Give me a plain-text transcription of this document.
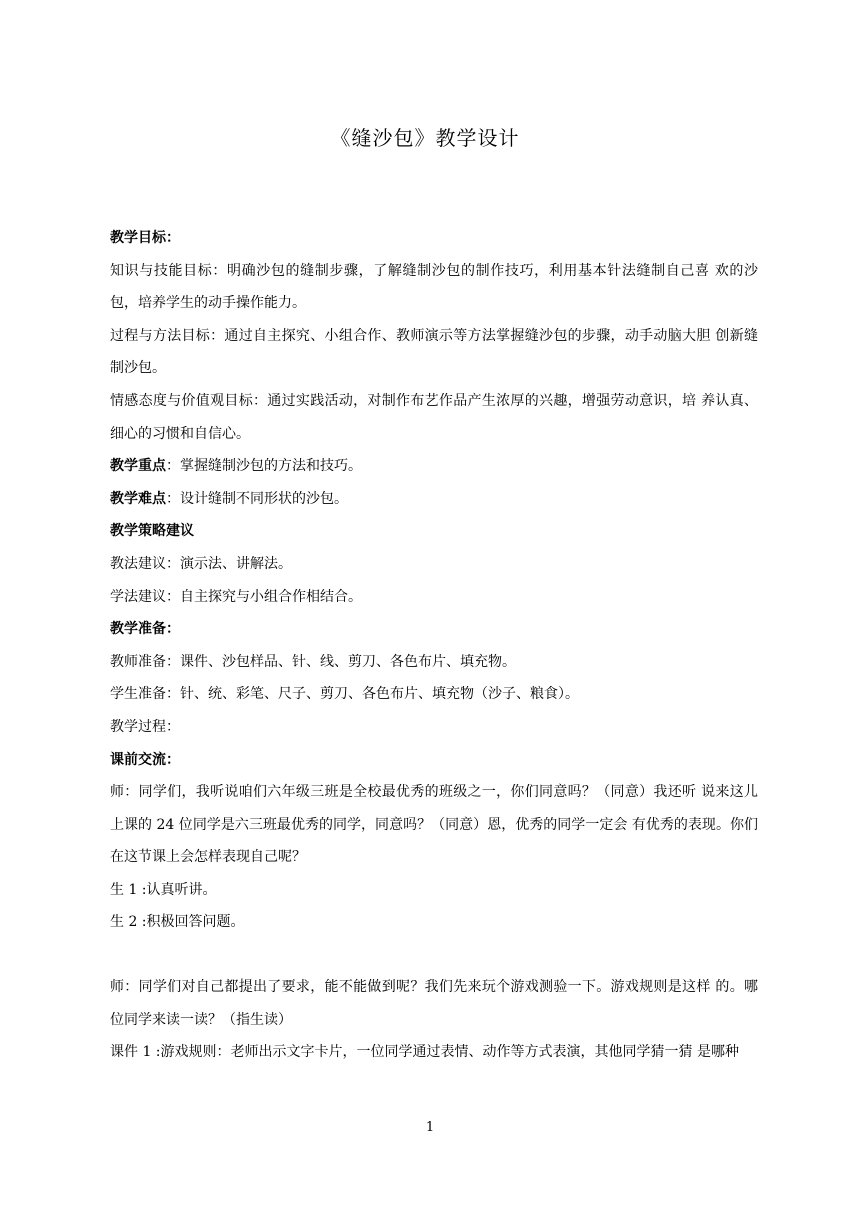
《缝沙包》教学设计

教学目标：

知识与技能目标：明确沙包的缝制步骤，了解缝制沙包的制作技巧，利用基本针法缝制自己喜 欢的沙包，培养学生的动手操作能力。

过程与方法目标：通过自主探究、小组合作、教师演示等方法掌握缝沙包的步骤，动手动脑大胆 创新缝制沙包。

情感态度与价值观目标：通过实践活动，对制作布艺作品产生浓厚的兴趣，增强劳动意识，培 养认真、细心的习惯和自信心。

教学重点：掌握缝制沙包的方法和技巧。

教学难点：设计缝制不同形状的沙包。

教学策略建议

教法建议：演示法、讲解法。

学法建议：自主探究与小组合作相结合。

教学准备：

教师准备：课件、沙包样品、针、线、剪刀、各色布片、填充物。

学生准备：针、统、彩笔、尺子、剪刀、各色布片、填充物（沙子、粮食）。

教学过程：

课前交流：

师：同学们，我听说咱们六年级三班是全校最优秀的班级之一，你们同意吗？（同意）我还听 说来这儿上课的 24 位同学是六三班最优秀的同学，同意吗？（同意）恩，优秀的同学一定会 有优秀的表现。你们在这节课上会怎样表现自己呢？

生 1 :认真听讲。

生 2 :积极回答问题。

师：同学们对自己都提出了要求，能不能做到呢？我们先来玩个游戏测验一下。游戏规则是这样 的。哪位同学来读一读？（指生读）

课件 1 :游戏规则：老师出示文字卡片，一位同学通过表情、动作等方式表演，其他同学猜一猜 是哪种

1
